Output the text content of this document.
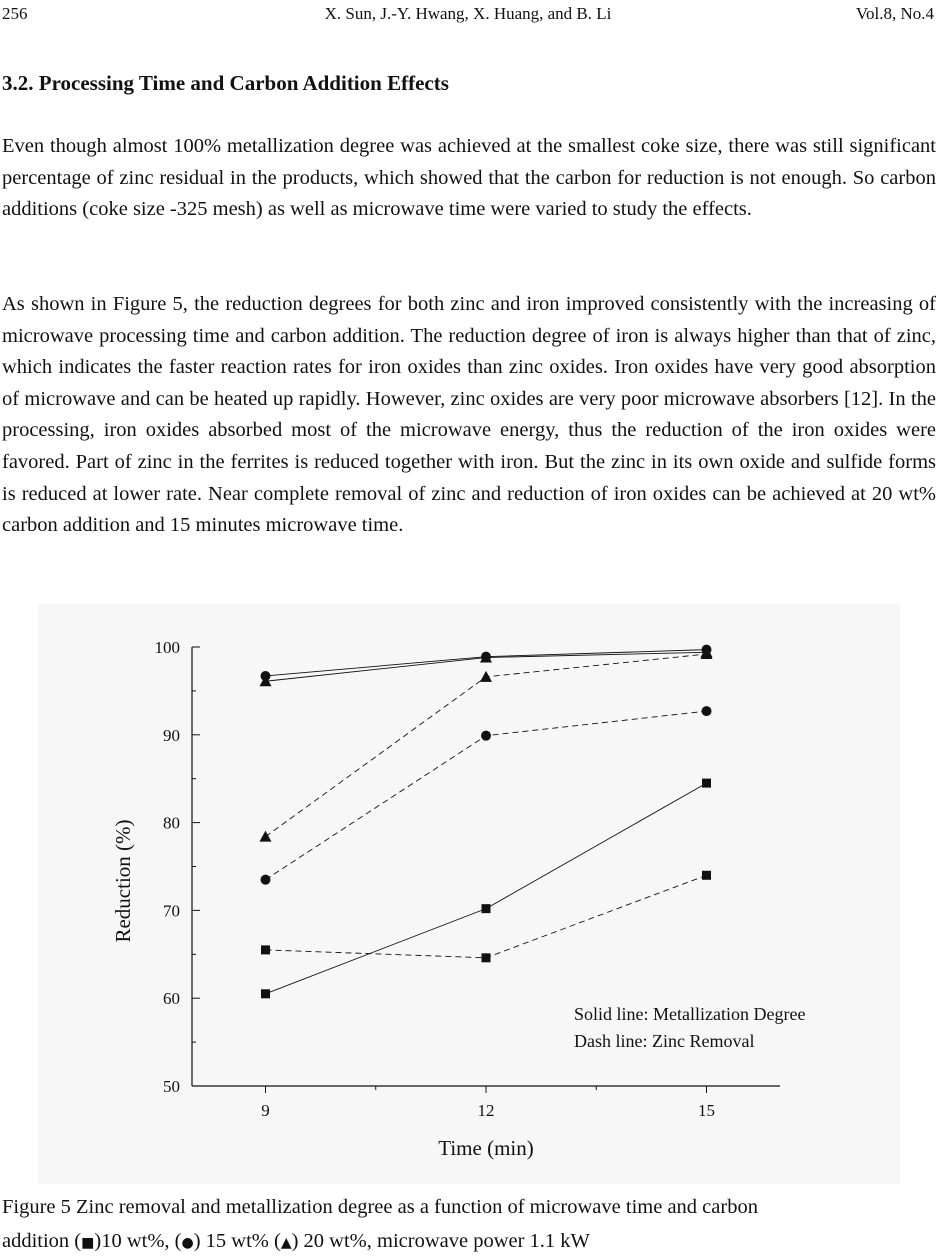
256	X. Sun, J.-Y. Hwang, X. Huang, and B. Li	Vol.8, No.4
3.2. Processing Time and Carbon Addition Effects

Even though almost 100% metallization degree was achieved at the smallest coke size, there was still significant percentage of zinc residual in the products, which showed that the carbon for reduction is not enough. So carbon additions (coke size -325 mesh) as well as microwave time were varied to study the effects.

As shown in Figure 5, the reduction degrees for both zinc and iron improved consistently with the increasing of microwave processing time and carbon addition. The reduction degree of iron is always higher than that of zinc, which indicates the faster reaction rates for iron oxides than zinc oxides. Iron oxides have very good absorption of microwave and can be heated up rapidly. However, zinc oxides are very poor microwave absorbers [12]. In the processing, iron oxides absorbed most of the microwave energy, thus the reduction of the iron oxides were favored. Part of zinc in the ferrites is reduced together with iron. But the zinc in its own oxide and sulfide forms is reduced at lower rate. Near complete removal of zinc and reduction of iron oxides can be achieved at 20 wt% carbon addition and 15 minutes microwave time.

50
60
70
80
90
100
9	12	15
Time (min)
Reduction (%)
Solid line: Metallization Degree
Dash line: Zinc Removal

Figure 5 Zinc removal and metallization degree as a function of microwave time and carbon
addition (■)10 wt%, (●) 15 wt% (▲) 20 wt%, microwave power 1.1 kW
